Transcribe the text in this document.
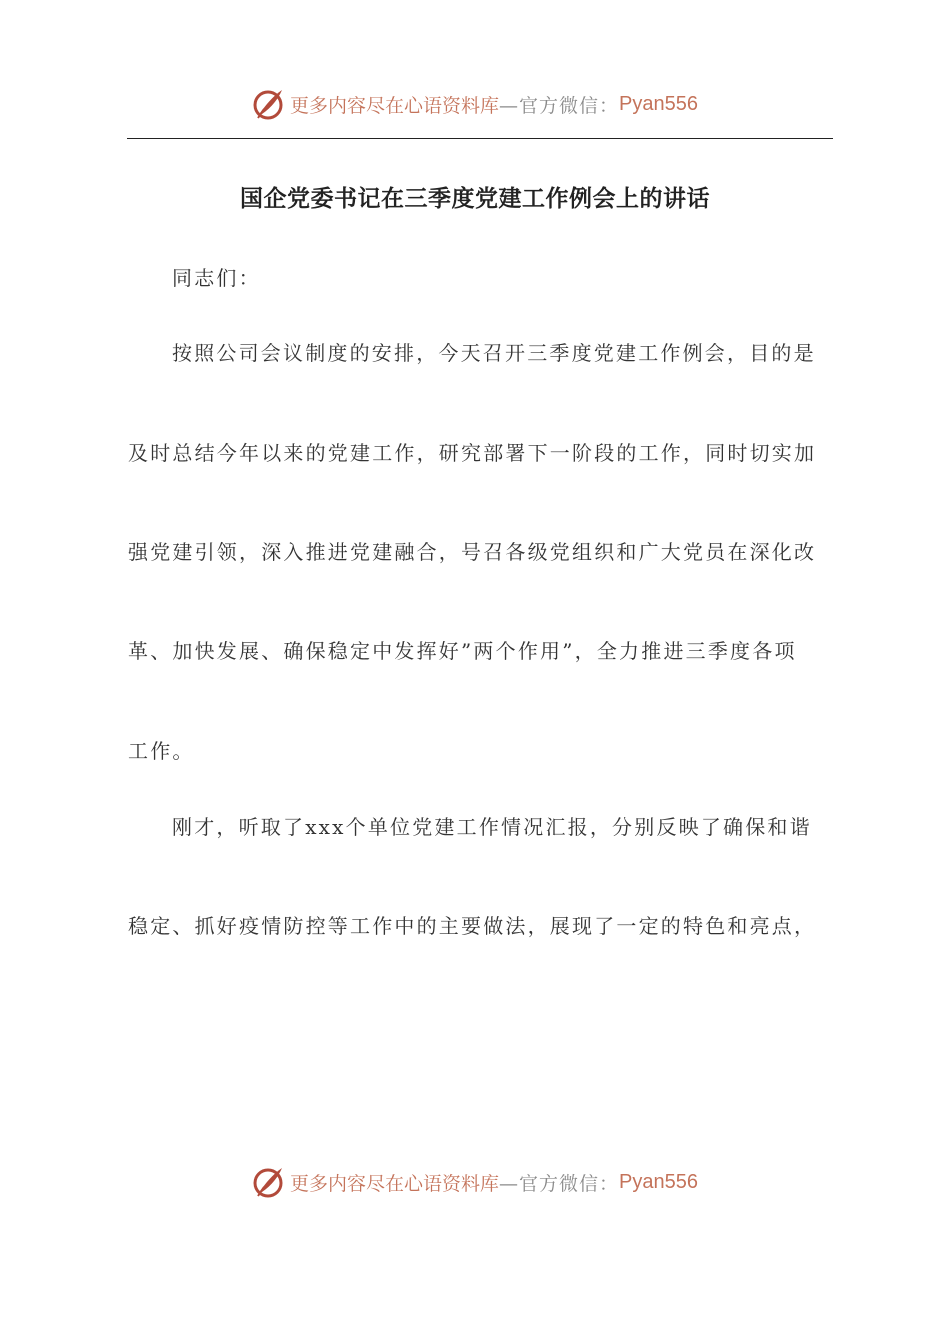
更多内容尽在心语资料库 —官方微信： Pyan556
国企党委书记在三季度党建工作例会上的讲话
同志们：
按照公司会议制度的安排，今天召开三季度党建工作例会，目的是
及时总结今年以来的党建工作，研究部署下一阶段的工作，同时切实加
强党建引领，深入推进党建融合，号召各级党组织和广大党员在深化改
革、加快发展、确保稳定中发挥好”两个作用”，全力推进三季度各项
工作。
刚才，听取了xxx个单位党建工作情况汇报，分别反映了确保和谐
稳定、抓好疫情防控等工作中的主要做法，展现了一定的特色和亮点，
更多内容尽在心语资料库 —官方微信： Pyan556
